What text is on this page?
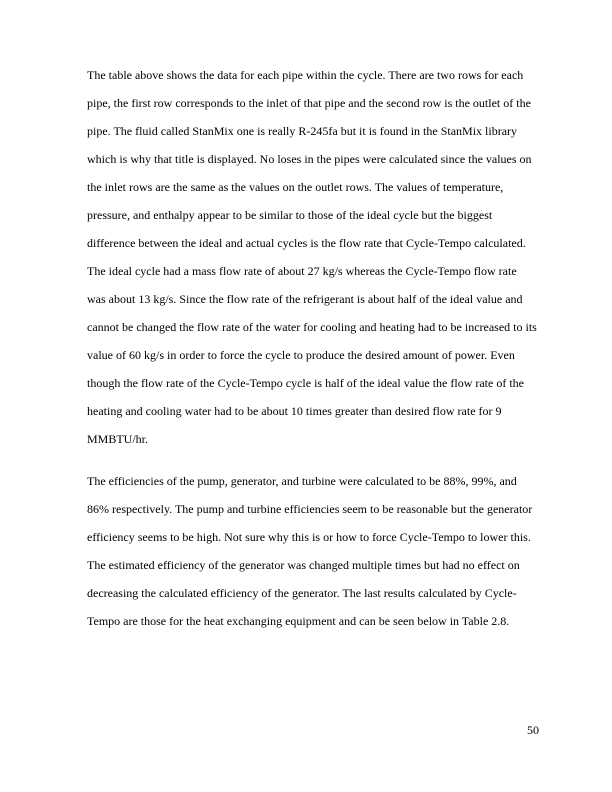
The table above shows the data for each pipe within the cycle. There are two rows for each
pipe, the first row corresponds to the inlet of that pipe and the second row is the outlet of the
pipe. The fluid called StanMix one is really R-245fa but it is found in the StanMix library
which is why that title is displayed. No loses in the pipes were calculated since the values on
the inlet rows are the same as the values on the outlet rows. The values of temperature,
pressure, and enthalpy appear to be similar to those of the ideal cycle but the biggest
difference between the ideal and actual cycles is the flow rate that Cycle-Tempo calculated.
The ideal cycle had a mass flow rate of about 27 kg/s whereas the Cycle-Tempo flow rate
was about 13 kg/s. Since the flow rate of the refrigerant is about half of the ideal value and
cannot be changed the flow rate of the water for cooling and heating had to be increased to its
value of 60 kg/s in order to force the cycle to produce the desired amount of power. Even
though the flow rate of the Cycle-Tempo cycle is half of the ideal value the flow rate of the
heating and cooling water had to be about 10 times greater than desired flow rate for 9
MMBTU/hr.
The efficiencies of the pump, generator, and turbine were calculated to be 88%, 99%, and
86% respectively. The pump and turbine efficiencies seem to be reasonable but the generator
efficiency seems to be high. Not sure why this is or how to force Cycle-Tempo to lower this.
The estimated efficiency of the generator was changed multiple times but had no effect on
decreasing the calculated efficiency of the generator. The last results calculated by Cycle-
Tempo are those for the heat exchanging equipment and can be seen below in Table 2.8.
50
